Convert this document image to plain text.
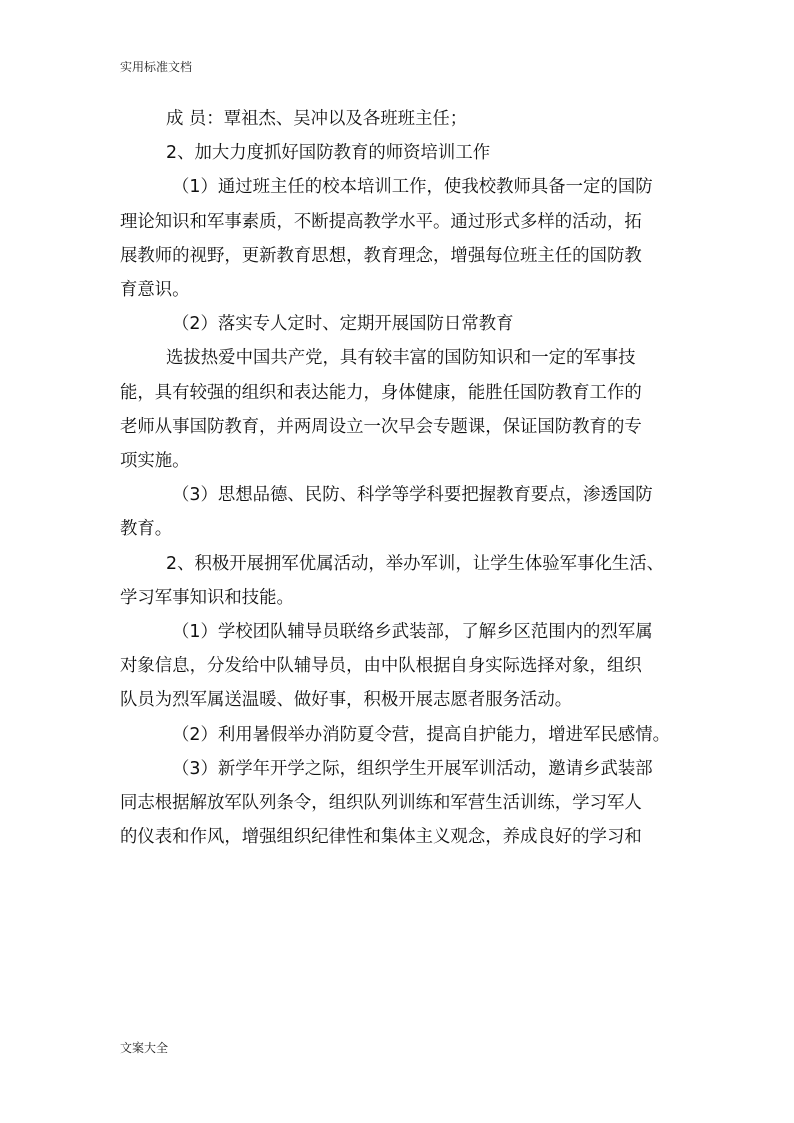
实用标准文档

成 员：覃祖杰、吴冲以及各班班主任；

2、加大力度抓好国防教育的师资培训工作

（1）通过班主任的校本培训工作，使我校教师具备一定的国防

理论知识和军事素质，不断提高教学水平。通过形式多样的活动，拓

展教师的视野，更新教育思想，教育理念，增强每位班主任的国防教

育意识。

（2）落实专人定时、定期开展国防日常教育

选拔热爱中国共产党，具有较丰富的国防知识和一定的军事技

能，具有较强的组织和表达能力，身体健康，能胜任国防教育工作的

老师从事国防教育，并两周设立一次早会专题课，保证国防教育的专

项实施。

（3）思想品德、民防、科学等学科要把握教育要点，渗透国防

教育。

2、积极开展拥军优属活动，举办军训，让学生体验军事化生活、

学习军事知识和技能。

（1）学校团队辅导员联络乡武装部，了解乡区范围内的烈军属

对象信息，分发给中队辅导员，由中队根据自身实际选择对象，组织

队员为烈军属送温暖、做好事，积极开展志愿者服务活动。

（2）利用暑假举办消防夏令营，提高自护能力，增进军民感情。

（3）新学年开学之际，组织学生开展军训活动，邀请乡武装部

同志根据解放军队列条令，组织队列训练和军营生活训练，学习军人

的仪表和作风，增强组织纪律性和集体主义观念，养成良好的学习和

文案大全
